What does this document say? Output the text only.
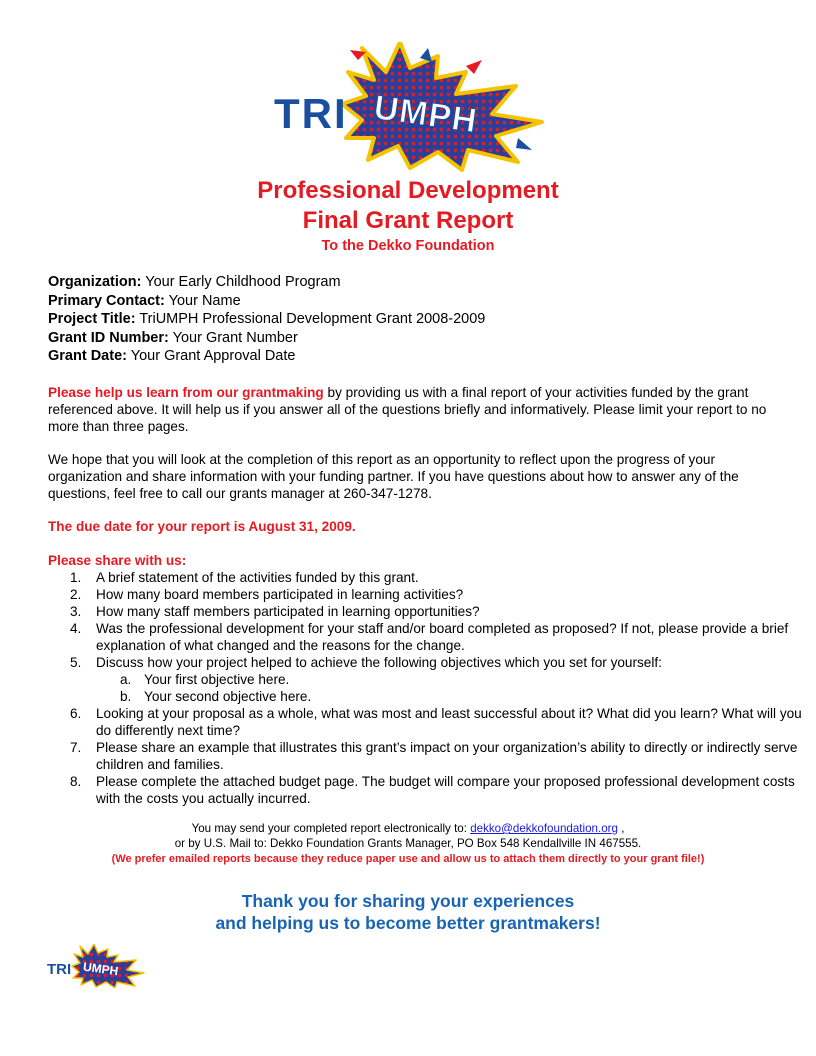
TRI UMPH
Professional Development
Final Grant Report
To the Dekko Foundation
Organization: Your Early Childhood Program
Primary Contact: Your Name
Project Title: TriUMPH Professional Development Grant 2008-2009
Grant ID Number: Your Grant Number
Grant Date: Your Grant Approval Date
Please help us learn from our grantmaking by providing us with a final report of your activities funded by the grant referenced above. It will help us if you answer all of the questions briefly and informatively. Please limit your report to no more than three pages.
We hope that you will look at the completion of this report as an opportunity to reflect upon the progress of your organization and share information with your funding partner. If you have questions about how to answer any of the questions, feel free to call our grants manager at 260-347-1278.
The due date for your report is August 31, 2009.
Please share with us:
1. A brief statement of the activities funded by this grant.
2. How many board members participated in learning activities?
3. How many staff members participated in learning opportunities?
4. Was the professional development for your staff and/or board completed as proposed? If not, please provide a brief explanation of what changed and the reasons for the change.
5. Discuss how your project helped to achieve the following objectives which you set for yourself:
a. Your first objective here.
b. Your second objective here.
6. Looking at your proposal as a whole, what was most and least successful about it? What did you learn? What will you do differently next time?
7. Please share an example that illustrates this grant’s impact on your organization’s ability to directly or indirectly serve children and families.
8. Please complete the attached budget page. The budget will compare your proposed professional development costs with the costs you actually incurred.
You may send your completed report electronically to: dekko@dekkofoundation.org ,
or by U.S. Mail to: Dekko Foundation Grants Manager, PO Box 548 Kendallville IN 467555.
(We prefer emailed reports because they reduce paper use and allow us to attach them directly to your grant file!)
Thank you for sharing your experiences
and helping us to become better grantmakers!
TRI UMPH
